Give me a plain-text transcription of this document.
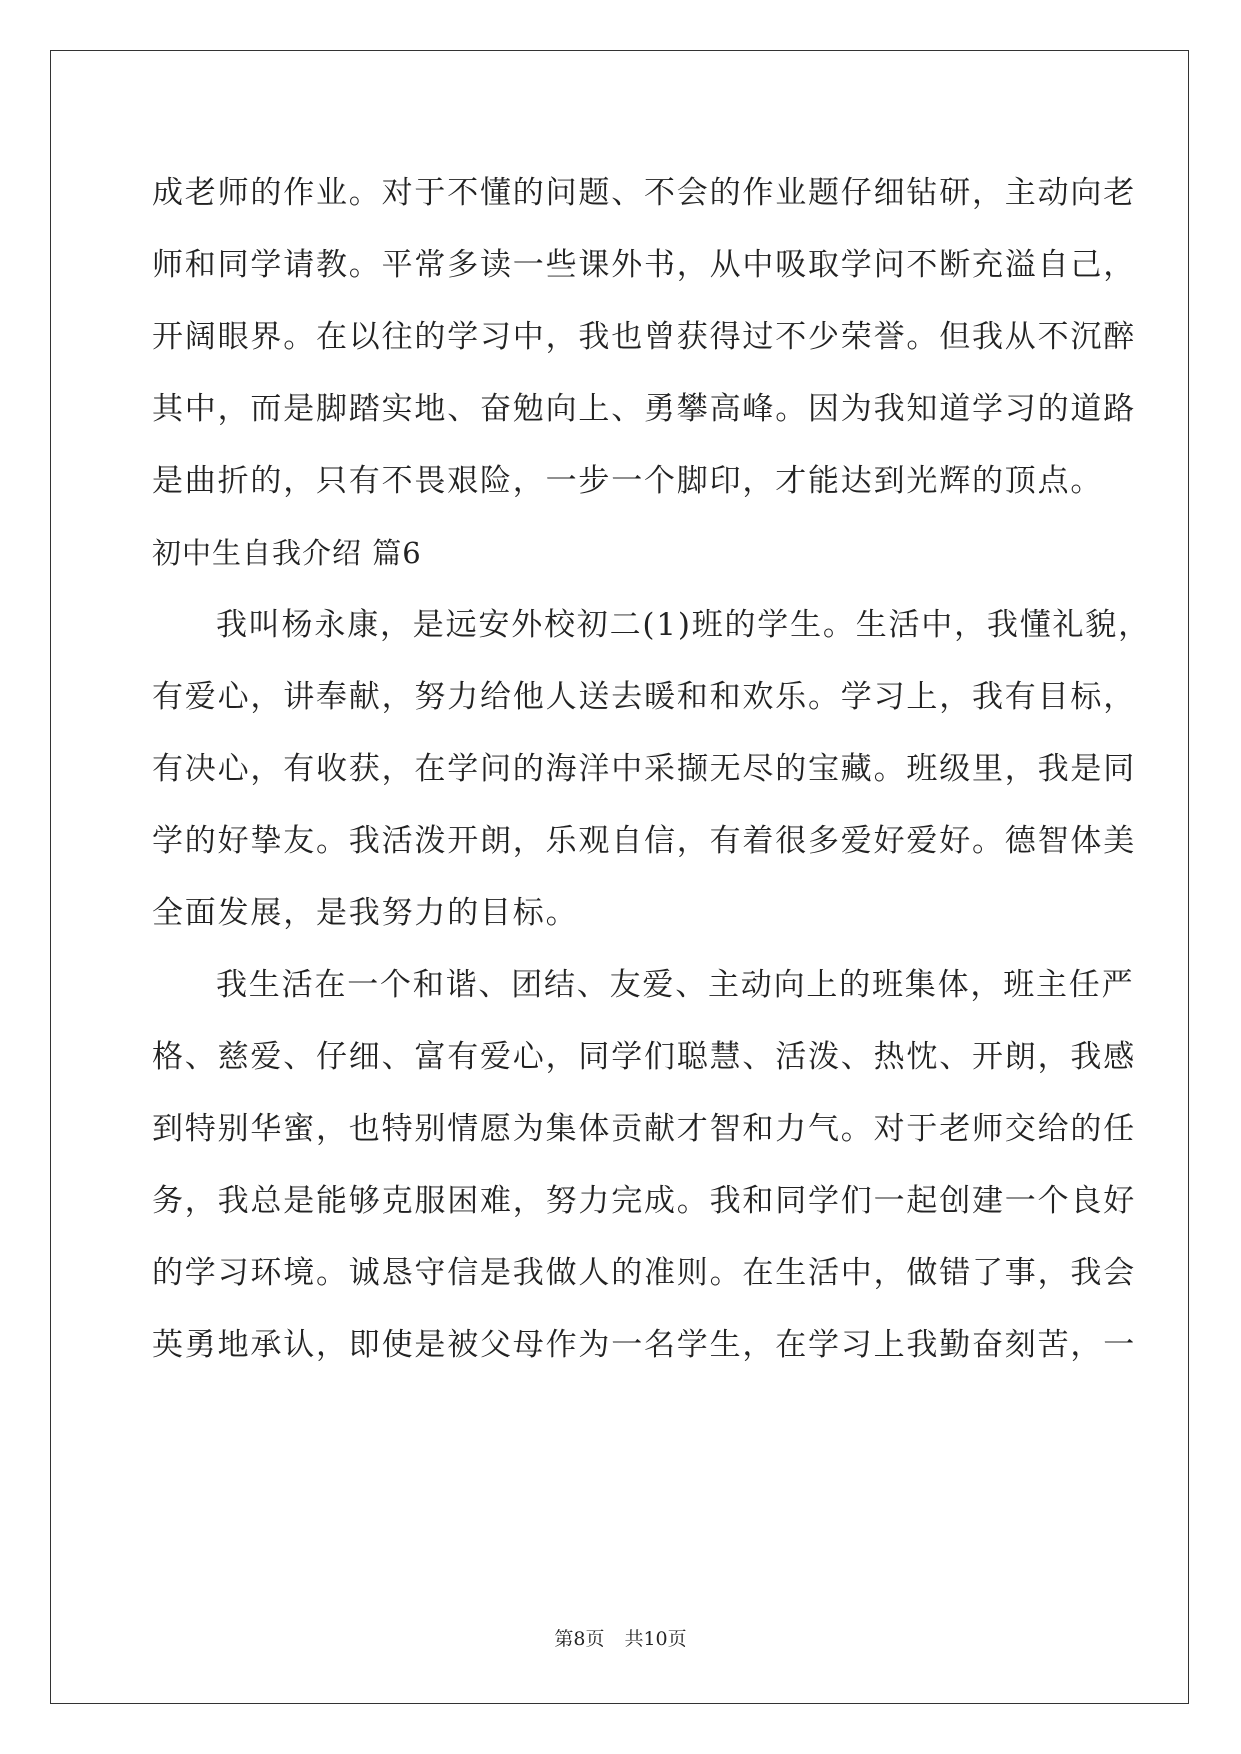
成老师的作业。对于不懂的问题、不会的作业题仔细钻研，主动向老
师和同学请教。平常多读一些课外书，从中吸取学问不断充溢自己，
开阔眼界。在以往的学习中，我也曾获得过不少荣誉。但我从不沉醉
其中，而是脚踏实地、奋勉向上、勇攀高峰。因为我知道学习的道路
是曲折的，只有不畏艰险，一步一个脚印，才能达到光辉的顶点。
初中生自我介绍 篇6
我叫杨永康，是远安外校初二(1)班的学生。生活中，我懂礼貌，
有爱心，讲奉献，努力给他人送去暖和和欢乐。学习上，我有目标，
有决心，有收获，在学问的海洋中采撷无尽的宝藏。班级里，我是同
学的好挚友。我活泼开朗，乐观自信，有着很多爱好爱好。德智体美
全面发展，是我努力的目标。
我生活在一个和谐、团结、友爱、主动向上的班集体，班主任严
格、慈爱、仔细、富有爱心，同学们聪慧、活泼、热忱、开朗，我感
到特别华蜜，也特别情愿为集体贡献才智和力气。对于老师交给的任
务，我总是能够克服困难，努力完成。我和同学们一起创建一个良好
的学习环境。诚恳守信是我做人的准则。在生活中，做错了事，我会
英勇地承认，即使是被父母作为一名学生，在学习上我勤奋刻苦，一
第8页 共10页
